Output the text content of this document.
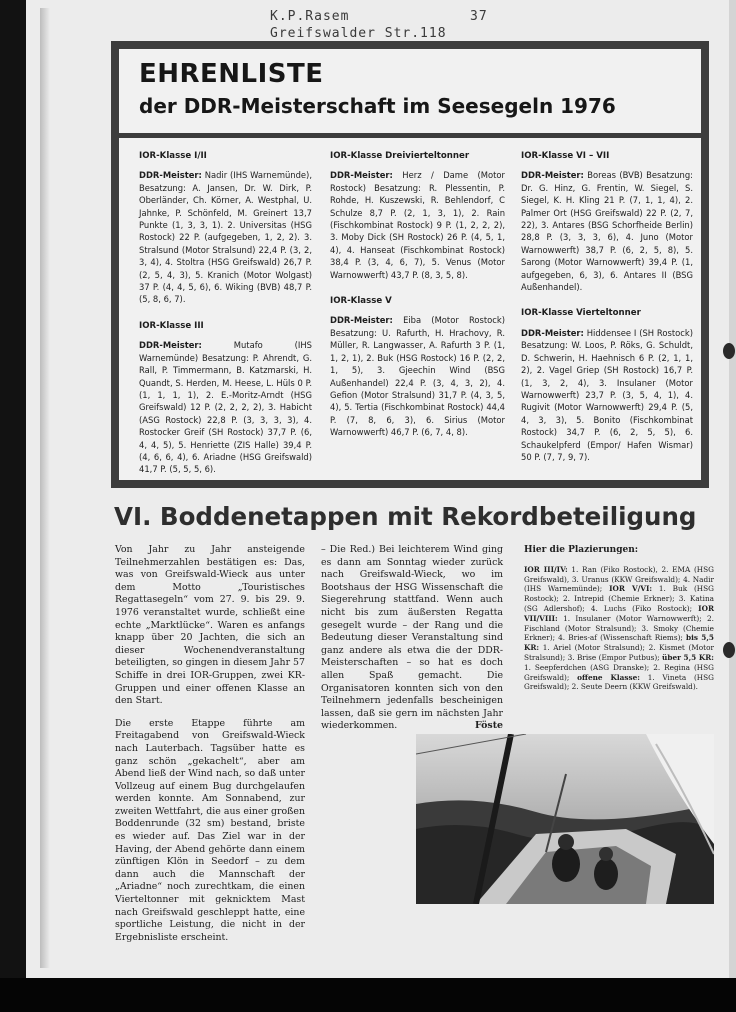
K.P.Rasem
Greifswalder Str.118
37
EHRENLISTE
der DDR-Meisterschaft im Seesegeln 1976
IOR-Klasse I/II

DDR-Meister: Nadir (IHS Warnemünde), Besatzung: A. Jansen, Dr. W. Dirk, P. Oberländer, Ch. Körner, A. Westphal, U. Jahnke, P. Schönfeld, M. Greinert 13,7 Punkte (1, 3, 3, 1). 2. Universitas (HSG Rostock) 22 P. (aufgegeben, 1, 2, 2). 3. Stralsund (Motor Stralsund) 22,4 P. (3, 2, 3, 4), 4. Stoltra (HSG Greifswald) 26,7 P. (2, 5, 4, 3), 5. Kranich (Motor Wolgast) 37 P. (4, 4, 5, 6), 6. Wiking (BVB) 48,7 P. (5, 8, 6, 7).

IOR-Klasse III

DDR-Meister:	Mutafo (IHS Warnemünde) Besatzung: P. Ahrendt, G. Rall, P. Timmermann, B. Katzmarski, H. Quandt, S. Herden, M. Heese, L. Hüls 0 P. (1, 1, 1, 1), 2. E.-Moritz-Arndt (HSG Greifswald) 12 P. (2, 2, 2, 2), 3. Habicht (ASG Rostock) 22,8 P. (3, 3, 3, 3), 4. Rostocker Greif (SH Rostock) 37,7 P. (6, 4, 4, 5), 5. Henriette (ZIS Halle) 39,4 P. (4, 6, 6, 4), 6. Ariadne (HSG Greifswald) 41,7 P. (5, 5, 5, 6).

IOR-Klasse Dreivierteltonner

DDR-Meister: Herz / Dame (Motor Rostock) Besatzung: R. Plessentin, P. Rohde, H. Kuszewski, R. Behlendorf, C Schulze 8,7 P. (2, 1, 3, 1), 2. Rain (Fischkombinat Rostock) 9 P. (1, 2, 2, 2), 3. Moby Dick (SH Rostock) 26 P. (4, 5, 1, 4), 4. Hanseat (Fischkombinat Rostock) 38,4 P. (3, 4, 6, 7), 5. Venus (Motor Warnowwerft) 43,7 P. (8, 3, 5, 8).

IOR-Klasse V

DDR-Meister: Eiba (Motor Rostock) Besatzung: U. Rafurth, H. Hrachovy, R. Müller, R. Langwasser, A. Rafurth 3 P. (1, 1, 2, 1), 2. Buk (HSG Rostock) 16 P. (2, 2, 1, 5), 3. Gjeechin Wind (BSG Außenhandel) 22,4 P. (3, 4, 3, 2), 4. Gefion (Motor Stralsund) 31,7 P. (4, 3, 5, 4), 5. Tertia (Fischkombinat Rostock) 44,4 P. (7, 8, 6, 3), 6. Sirius (Motor Warnowwerft) 46,7 P. (6, 7, 4, 8).

IOR-Klasse VI – VII

DDR-Meister: Boreas (BVB) Besatzung: Dr. G. Hinz, G. Frentin, W. Siegel, S. Siegel, K. H. Kling 21 P. (7, 1, 1, 4), 2. Palmer Ort (HSG Greifswald) 22 P. (2, 7, 22), 3. Antares (BSG Schorfheide Berlin) 28,8 P. (3, 3, 3, 6), 4. Juno (Motor Warnowwerft) 38,7 P. (6, 2, 5, 8), 5. Sarong (Motor Warnowwerft) 39,4 P. (1, aufgegeben, 6, 3), 6. Antares II (BSG Außenhandel).

IOR-Klasse Vierteltonner

DDR-Meister: Hiddensee I (SH Rostock) Besatzung: W. Loos, P. Röks, G. Schuldt, D. Schwerin, H. Haehnisch 6 P. (2, 1, 1, 2), 2. Vagel Griep (SH Rostock) 16,7 P. (1, 3, 2, 4), 3. Insulaner (Motor Warnowwerft) 23,7 P. (3, 5, 4, 1), 4. Rugivit (Motor Warnowwerft) 29,4 P. (5, 4, 3, 3), 5. Bonito (Fischkombinat Rostock) 34,7 P. (6, 2, 5, 5), 6. Schaukelpferd (Empor/ Hafen Wismar) 50 P. (7, 7, 9, 7).

VI. Boddenetappen mit Rekordbeteiligung

Von Jahr zu Jahr ansteigende Teilnehmerzahlen bestätigen es: Das, was von Greifswald-Wieck aus unter dem Motto „Touristisches Regattasegeln“ vom 27. 9. bis 29. 9. 1976 veranstaltet wurde, schließt eine echte „Marktlücke“. Waren es anfangs knapp über 20 Jachten, die sich an dieser Wochenendveranstaltung beteiligten, so gingen in diesem Jahr 57 Schiffe in drei IOR-Gruppen, zwei KR-Gruppen und einer offenen Klasse an den Start.

Die erste Etappe führte am Freitagabend von Greifswald-Wieck nach Lauterbach. Tagsüber hatte es ganz schön „gekachelt“, aber am Abend ließ der Wind nach, so daß unter Vollzeug auf einem Bug durchgelaufen werden konnte. Am Sonnabend, zur zweiten Wettfahrt, die aus einer großen Boddenrunde (32 sm) bestand, briste es wieder auf. Das Ziel war in der Having, der Abend gehörte dann einem zünftigen Klön in Seedorf – zu dem dann auch die Mannschaft der „Ariadne“ noch zurechtkam, die einen Vierteltonner mit geknicktem Mast nach Greifswald geschleppt hatte, eine sportliche Leistung, die nicht in der Ergebnisliste erscheint.

– Die Red.) Bei leichterem Wind ging es dann am Sonntag wieder zurück nach Greifswald-Wieck, wo im Bootshaus der HSG Wissenschaft die Siegerehrung stattfand. Wenn auch nicht bis zum äußersten Regatta gesegelt wurde – der Rang und die Bedeutung dieser Veranstaltung sind ganz andere als etwa die der DDR-Meisterschaften – so hat es doch allen Spaß gemacht. Die Organisatoren konnten sich von den Teilnehmern jedenfalls bescheinigen lassen, daß sie gern im nächsten Jahr wiederkommen.	Föste

Hier die Plazierungen:
IOR III/IV: 1. Ran (Fiko Rostock), 2. EMA (HSG Greifswald), 3. Uranus (KKW Greifswald); 4. Nadir (IHS Warnemünde); IOR V/VI: 1. Buk (HSG Rostock); 2. Intrepid (Chemie Erkner); 3. Katina (SG Adlershof); 4. Luchs (Fiko Rostock); IOR VII/VIII: 1. Insulaner (Motor Warnowwerft); 2. Fischland (Motor Stralsund); 3. Smoky (Chemie Erkner); 4. Bries-af (Wissenschaft Riems); bis 5,5 KR: 1. Ariel (Motor Stralsund); 2. Kismet (Motor Stralsund); 3. Brise (Empor Putbus); über 5,5 KR: 1. Seepferdchen (ASG Dranske); 2. Regina (HSG Greifswald); offene Klasse: 1. Vineta (HSG Greifswald); 2. Seute Deern (KKW Greifswald).
